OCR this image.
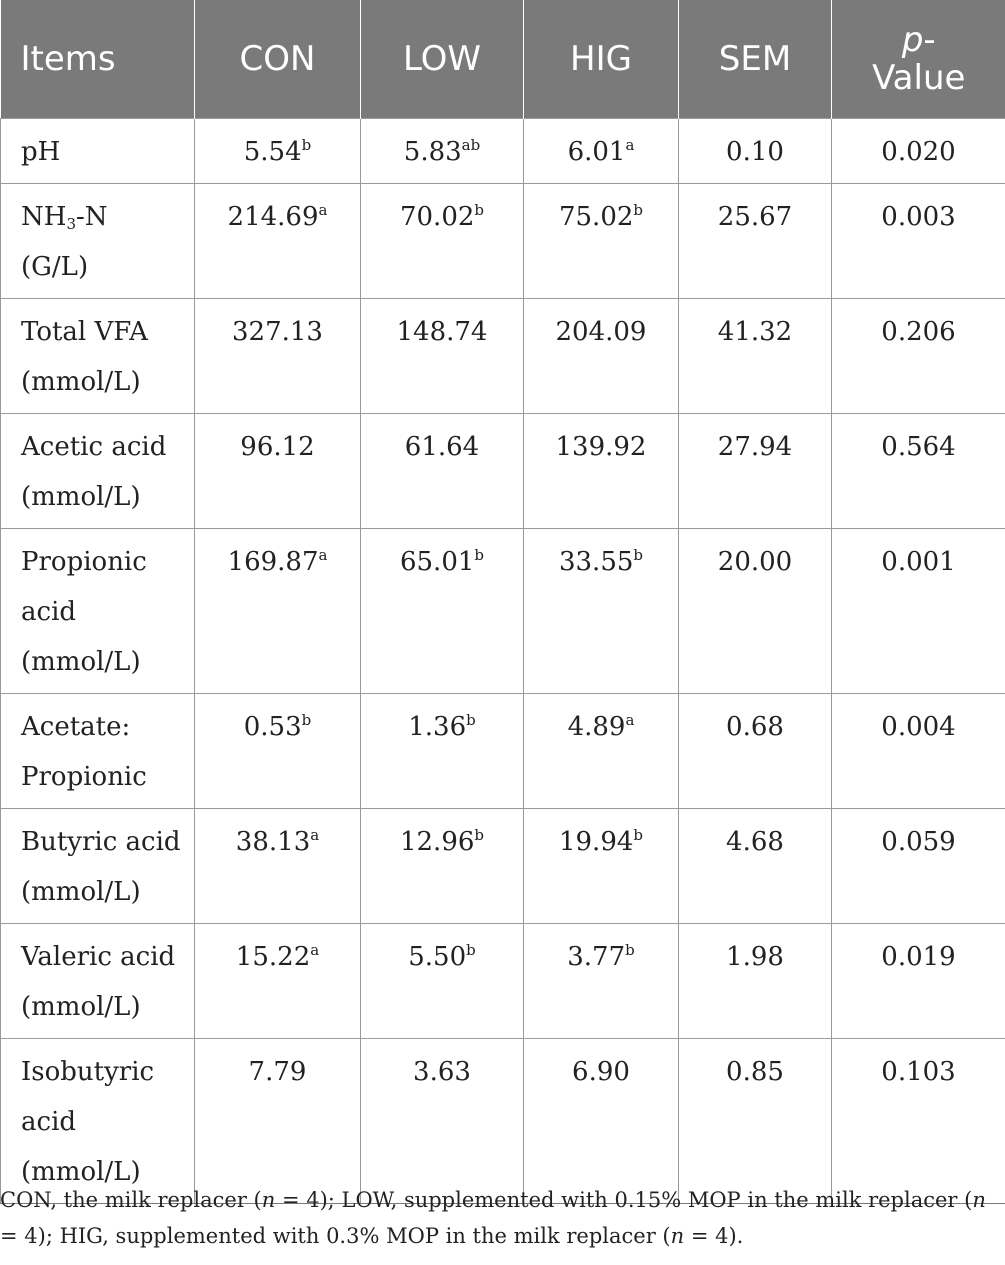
Items	CON	LOW	HIG	SEM	p-
Value
pH	5.54$^b$	5.83$^{ab}$	6.01$^a$	0.10	0.020
$NH_3-N$
(G/L)	214.69$^a$	70.02$^b$	75.02$^b$	25.67	0.003
Total VFA
(mmol/L)	327.13	148.74	204.09	41.32	0.206
Acetic acid
(mmol/L)	96.12	61.64	139.92	27.94	0.564
Propionic
acid
(mmol/L)	169.87$^a$	65.01$^b$	33.55$^b$	20.00	0.001
Acetate:
Propionic	0.53$^b$	1.36$^b$	4.89$^a$	0.68	0.004
Butyric acid
(mmol/L)	38.13$^a$	12.96$^b$	19.94$^b$	4.68	0.059
Valeric acid
(mmol/L)	15.22$^a$	5.50$^b$	3.77$^b$	1.98	0.019
Isobutyric
acid
(mmol/L)	7.79	3.63	6.90	0.85	0.103
CON, the milk replacer (n = 4); LOW, supplemented with 0.15% MOP in the milk replacer (n = 4); HIG, supplemented with 0.3% MOP in the milk replacer (n = 4).
